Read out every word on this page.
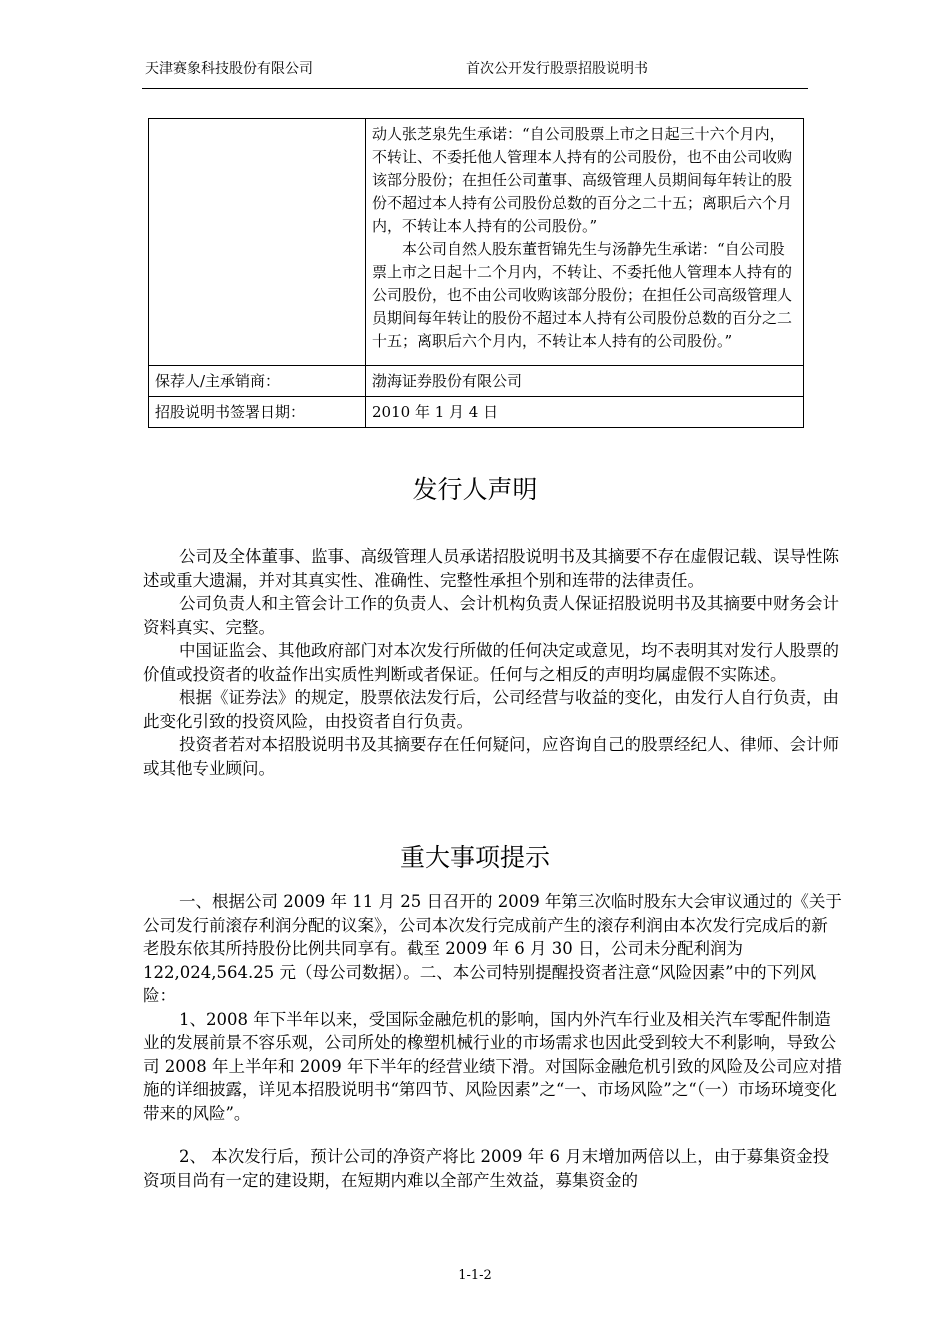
天津赛象科技股份有限公司	首次公开发行股票招股说明书

	动人张芝泉先生承诺：“自公司股票上市之日起三十六个月内，不转让、不委托他人管理本人持有的公司股份，也不由公司收购该部分股份；在担任公司董事、高级管理人员期间每年转让的股份不超过本人持有公司股份总数的百分之二十五；离职后六个月内，不转让本人持有的公司股份。”

本公司自然人股东董哲锦先生与汤静先生承诺：“自公司股票上市之日起十二个月内，不转让、不委托他人管理本人持有的公司股份，也不由公司收购该部分股份；在担任公司高级管理人员期间每年转让的股份不超过本人持有公司股份总数的百分之二十五；离职后六个月内，不转让本人持有的公司股份。”

保荐人/主承销商：	渤海证券股份有限公司
招股说明书签署日期：	2010 年 1 月 4 日
发行人声明

公司及全体董事、监事、高级管理人员承诺招股说明书及其摘要不存在虚假记载、误导性陈述或重大遗漏，并对其真实性、准确性、完整性承担个别和连带的法律责任。

公司负责人和主管会计工作的负责人、会计机构负责人保证招股说明书及其摘要中财务会计资料真实、完整。

中国证监会、其他政府部门对本次发行所做的任何决定或意见，均不表明其对发行人股票的价值或投资者的收益作出实质性判断或者保证。任何与之相反的声明均属虚假不实陈述。

根据《证券法》的规定，股票依法发行后，公司经营与收益的变化，由发行人自行负责，由此变化引致的投资风险，由投资者自行负责。

投资者若对本招股说明书及其摘要存在任何疑问，应咨询自己的股票经纪人、律师、会计师或其他专业顾问。

重大事项提示

一、根据公司 2009 年 11 月 25 日召开的 2009 年第三次临时股东大会审议通过的《关于公司发行前滚存利润分配的议案》，公司本次发行完成前产生的滚存利润由本次发行完成后的新老股东依其所持股份比例共同享有。截至 2009 年 6 月 30 日，公司未分配利润为 122,024,564.25 元（母公司数据）。二、本公司特别提醒投资者注意“风险因素”中的下列风险：

1、2008 年下半年以来，受国际金融危机的影响，国内外汽车行业及相关汽车零配件制造业的发展前景不容乐观，公司所处的橡塑机械行业的市场需求也因此受到较大不利影响，导致公司 2008 年上半年和 2009 年下半年的经营业绩下滑。对国际金融危机引致的风险及公司应对措施的详细披露，详见本招股说明书“第四节、风险因素”之“一、市场风险”之“（一）市场环境变化带来的风险”。

2、 本次发行后，预计公司的净资产将比 2009 年 6 月末增加两倍以上，由于募集资金投资项目尚有一定的建设期，在短期内难以全部产生效益，募集资金的

1-1-2
